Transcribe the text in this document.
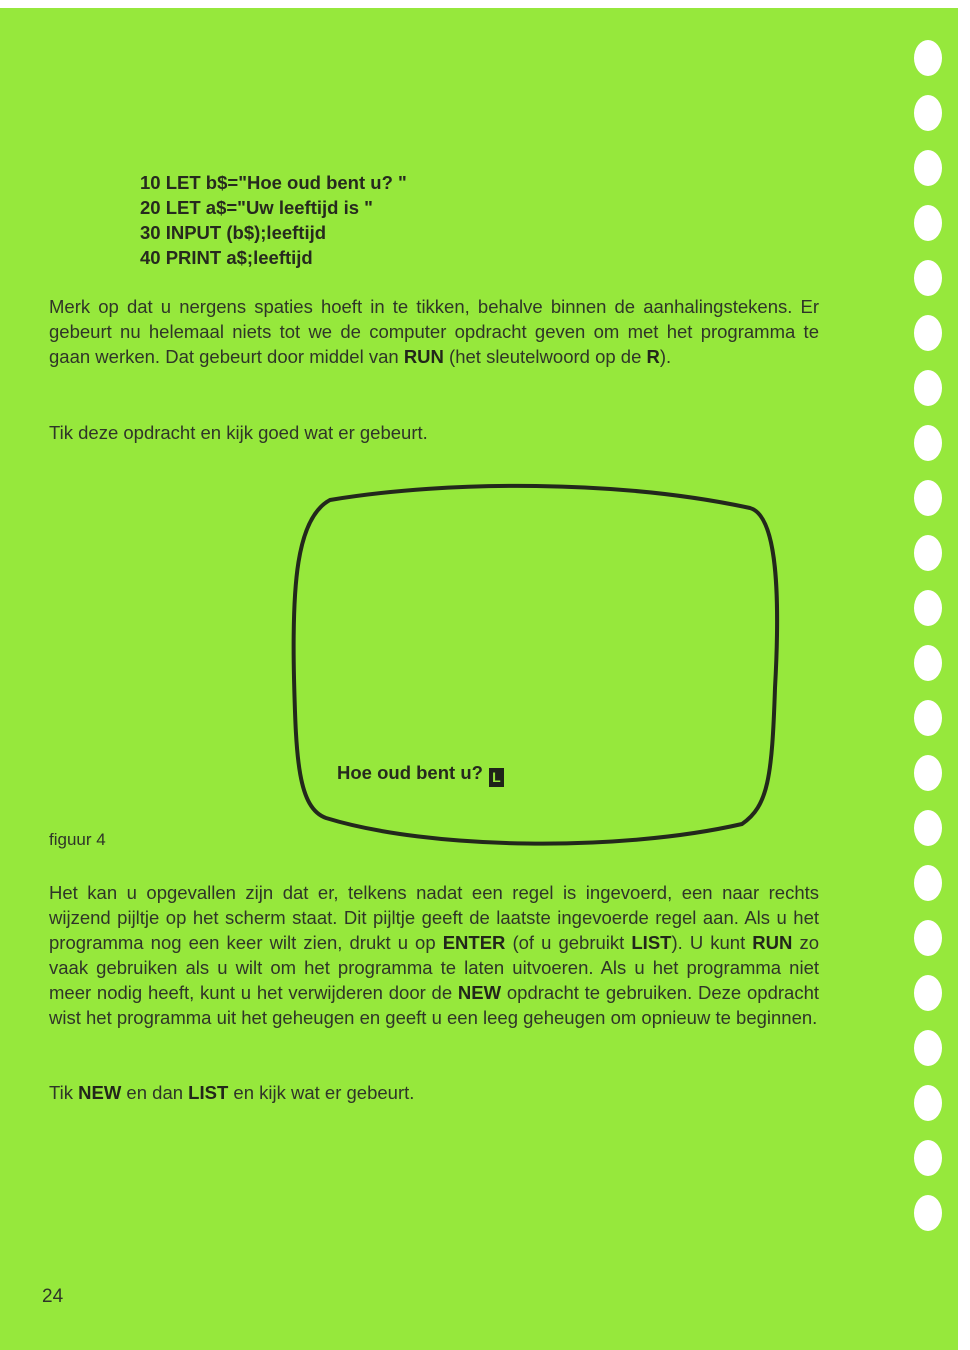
10 LET b$="Hoe oud bent u? "
20 LET a$="Uw leeftijd is "
30 INPUT (b$);leeftijd
40 PRINT a$;leeftijd
Merk op dat u nergens spaties hoeft in te tikken, behalve binnen de aanhalingstekens. Er gebeurt nu helemaal niets tot we de computer opdracht geven om met het programma te gaan werken. Dat gebeurt door middel van RUN (het sleutelwoord op de R).
Tik deze opdracht en kijk goed wat er gebeurt.
Hoe oud bent u? L
figuur 4
Het kan u opgevallen zijn dat er, telkens nadat een regel is ingevoerd, een naar rechts wijzend pijltje op het scherm staat. Dit pijltje geeft de laatste ingevoerde regel aan. Als u het programma nog een keer wilt zien, drukt u op ENTER (of u gebruikt LIST). U kunt RUN zo vaak gebruiken als u wilt om het programma te laten uitvoeren. Als u het programma niet meer nodig heeft, kunt u het verwijderen door de NEW opdracht te gebruiken. Deze opdracht wist het programma uit het geheugen en geeft u een leeg geheugen om opnieuw te beginnen.
Tik NEW en dan LIST en kijk wat er gebeurt.
24
